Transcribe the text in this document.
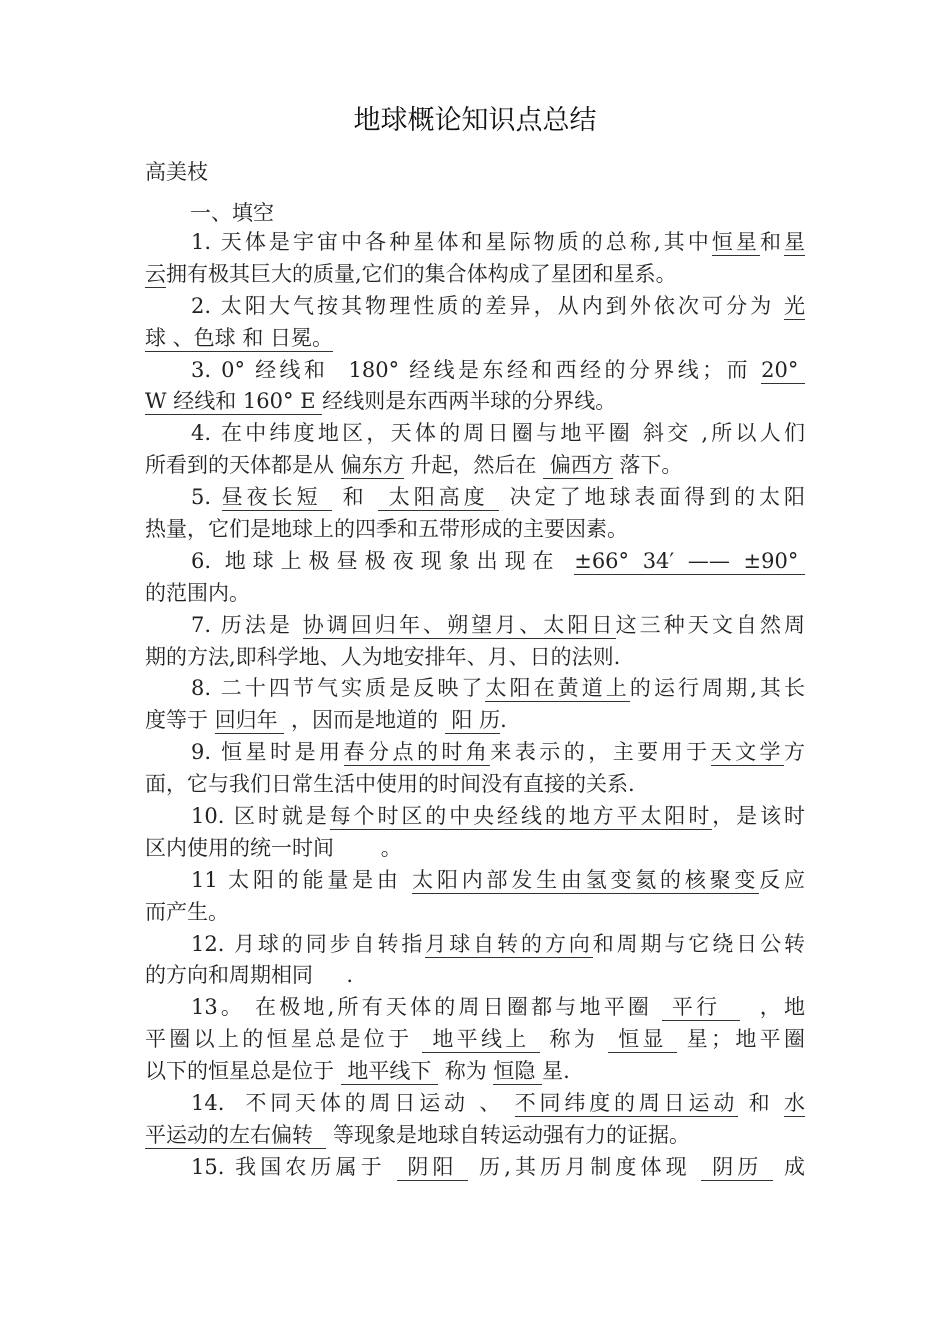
地球概论知识点总结
高美枝
一、填空
1. 天体是宇宙中各种星体和星际物质的总称,其中恒星和星
云拥有极其巨大的质量,它们的集合体构成了星团和星系。
2. 太阳大气按其物理性质的差异，从内到外依次可分为 光
球 、色球 和 日冕。
3. 0° 经线和  180° 经线是东经和西经的分界线；而 20°
W 经线和 160° E 经线则是东西两半球的分界线。
4. 在中纬度地区，天体的周日圈与地平圈 斜交 ,所以人们
所看到的天体都是从 偏东方 升起，然后在  偏西方 落下。
5. 昼夜长短  和  太阳高度  决定了地球表面得到的太阳
热量，它们是地球上的四季和五带形成的主要因素。
6. 地球上极昼极夜现象出现在 ±66° 34′ —— ±90°
的范围内。
7. 历法是 协调回归年、朔望月、太阳日这三种天文自然周
期的方法,即科学地、人为地安排年、月、日的法则.
8. 二十四节气实质是反映了太阳在黄道上的运行周期,其长
度等于 回归年  ，因而是地道的  阳 历.
9. 恒星时是用春分点的时角来表示的，主要用于天文学方
面，它与我们日常生活中使用的时间没有直接的关系.
10. 区时就是每个时区的中央经线的地方平太阳时，是该时
区内使用的统一时间       。
11 太阳的能量是由 太阳内部发生由氢变氦的核聚变反应
而产生。
12. 月球的同步自转指月球自转的方向和周期与它绕日公转
的方向和周期相同     .
13。 在极地,所有天体的周日圈都与地平圈  平行    ，地
平圈以上的恒星总是位于  地平线上  称为  恒显  星；地平圈
以下的恒星总是位于  地平线下  称为 恒隐 星.
14.  不同天体的周日运动 、 不同纬度的周日运动 和 水
平运动的左右偏转   等现象是地球自转运动强有力的证据。
15. 我国农历属于  阴阳  历,其历月制度体现  阴历  成
